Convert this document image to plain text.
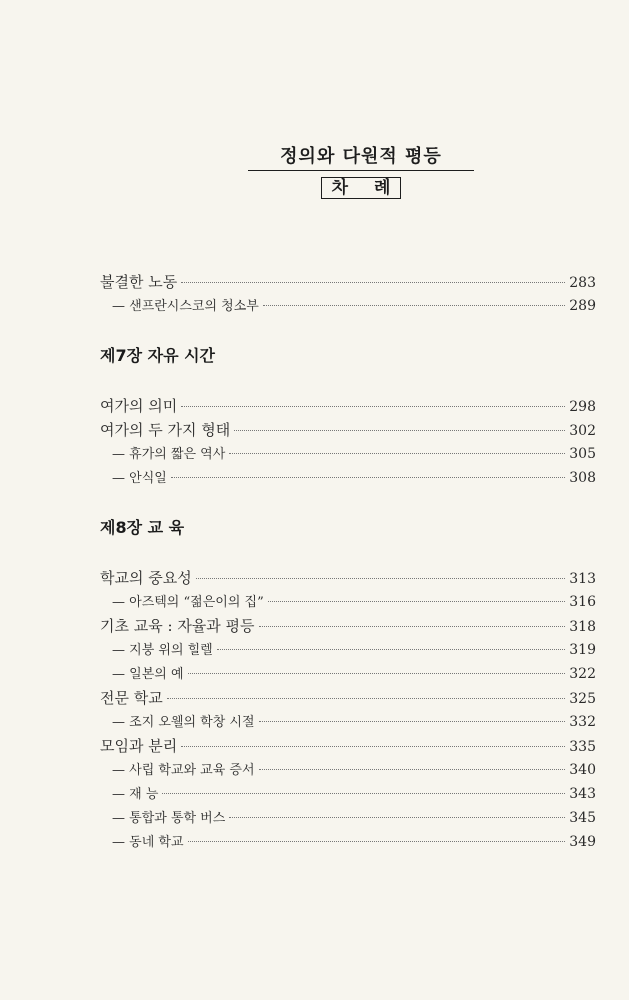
정의와 다원적 평등
차 례
불결한 노동	283
— 샌프란시스코의 청소부	289
제7장 자유 시간
여가의 의미	298
여가의 두 가지 형태	302
— 휴가의 짧은 역사	305
— 안식일	308
제8장 교 육
학교의 중요성	313
— 아즈텍의 “젊은이의 집”	316
기초 교육 : 자율과 평등	318
— 지붕 위의 힐렐	319
— 일본의 예	322
전문 학교	325
— 조지 오웰의 학창 시절	332
모임과 분리	335
— 사립 학교와 교육 증서	340
— 재 능	343
— 통합과 통학 버스	345
— 동네 학교	349
